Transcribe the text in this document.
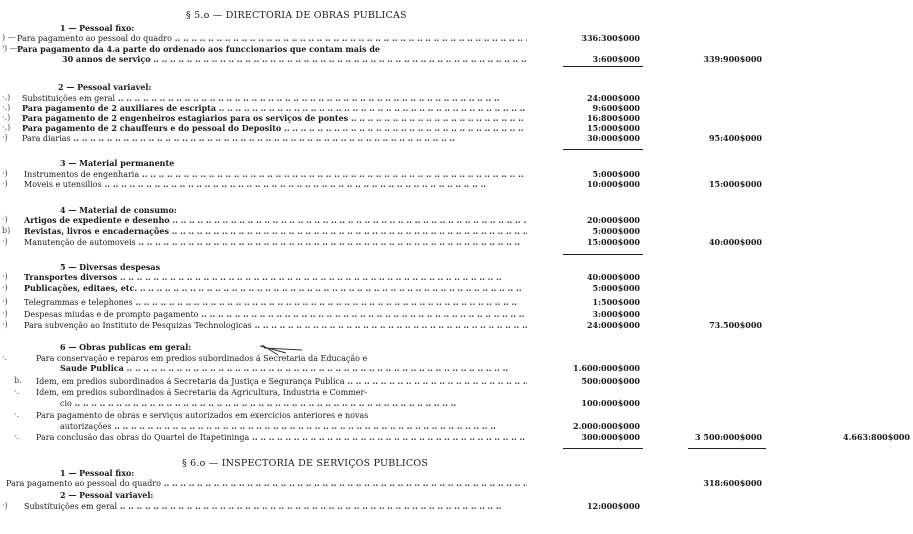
§ 5.o — DIRECTORIA DE OBRAS PUBLICAS
1 — Pessoal fixo:
) — Para pagamento ao pessoal do quadro .. ..	336:300$000
⁾) — Para pagamento da 4.a parte do ordenado aos funccionarios que contam mais de
30 annos de serviço .. ..	3:600$000	339:900$000
2 — Pessoal variavel:
·.) Substituições em geral .. ..	24:000$000
·.) Para pagamento de 2 auxiliares de escripta .. ..	9:600$000
·.) Para pagamento de 2 engenheiros estagiarios para os serviços de pontes .. ..	16:800$000
·.) Para pagamento de 2 chauffeurs e do pessoal do Deposito .. ..	15:000$000
·) Para diarias .. ..	30:000$000	95:400$000
3 — Material permanente
·) Instrumentos de engenharia .. ..	5:000$000
·) Moveis e utensilios .. ..	10:000$000	15:000$000
4 — Material de consumo:
·) Artigos de expediente e desenho .. ..	20:000$000
b) Revistas, livros e encadernações .. ..	5:000$000
·) Manutenção de automoveis .. ..	15:000$000	40:000$000
5 — Diversas despesas
·) Transportes diversos .. ..	40:000$000
·) Publicações, editaes, etc. .. ..	5:000$000
·) Telegrammas e telephones .. ..	1:500$000
·) Despesas miudas e de prompto pagamento .. ..	3:000$000
·) Para subvenção ao Instituto de Pesquizas Technologicas .. ..	24:000$000	73.500$000
6 — Obras publicas em geral:
·.	Para conservação e reparos em predios subordinados á Secretaria da Educação e
Saude Publica .. ..	1.600:000$000
b. Idem, em predios subordinados á Secretaria da Justiça e Segurança Publica .. ..	500:000$000
·. Idem, em predios subordinados á Secretaria da Agricultura, Industria e Commer-
cio .. ..	100:000$000
·. Para pagamento de obras e serviços autorizados em exercicios anteriores e novas
autorizações .. ..	2.000:000$000
·. Para conclusão das obras do Quartel de Itapetininga .. ..	300:000$000	3 500:000$000	4.663:800$000
§ 6.o — INSPECTORIA DE SERVIÇOS PUBLICOS
1 — Pessoal fixo:
Para pagamento ao pessoal do quadro .. ..	318:600$000
2 — Pessoal variavel:
·) Substituições em geral .. ..	12:000$000
